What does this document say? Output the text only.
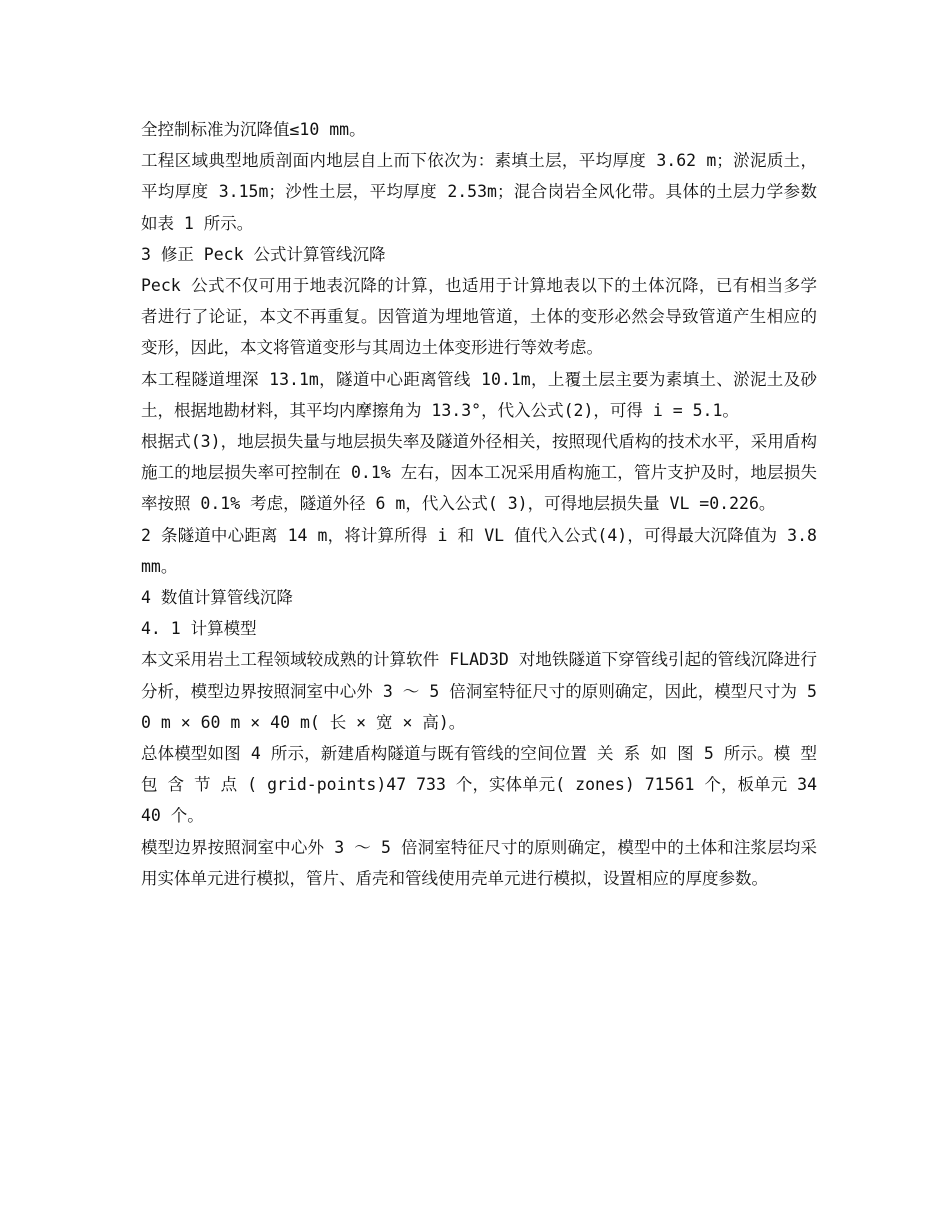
全控制标准为沉降值≤10 mm。

工程区域典型地质剖面内地层自上而下依次为：素填土层，平均厚度 3.62 m；淤泥质土，平均厚度 3.15m；沙性土层，平均厚度 2.53m；混合岗岩全风化带。具体的土层力学参数如表 1 所示。

3 修正 Peck 公式计算管线沉降

Peck 公式不仅可用于地表沉降的计算，也适用于计算地表以下的土体沉降，已有相当多学者进行了论证，本文不再重复。因管道为埋地管道，土体的变形必然会导致管道产生相应的变形，因此，本文将管道变形与其周边土体变形进行等效考虑。

本工程隧道埋深 13.1m，隧道中心距离管线 10.1m，上覆土层主要为素填土、淤泥土及砂土，根据地勘材料，其平均内摩擦角为 13.3°，代入公式(2)，可得 i = 5.1。

根据式(3)，地层损失量与地层损失率及隧道外径相关，按照现代盾构的技术水平，采用盾构施工的地层损失率可控制在 0.1% 左右，因本工况采用盾构施工，管片支护及时，地层损失率按照 0.1% 考虑，隧道外径 6 m，代入公式( 3)，可得地层损失量 VL =0.226。

2 条隧道中心距离 14 m，将计算所得 i 和 VL 值代入公式(4)，可得最大沉降值为 3.8mm。

4 数值计算管线沉降

4. 1 计算模型

本文采用岩土工程领域较成熟的计算软件 FLAD3D 对地铁隧道下穿管线引起的管线沉降进行分析，模型边界按照洞室中心外 3 ～ 5 倍洞室特征尺寸的原则确定，因此，模型尺寸为 50 m × 60 m × 40 m( 长 × 宽 × 高)。

总体模型如图 4 所示，新建盾构隧道与既有管线的空间位置 关 系 如 图 5 所示。模 型 包 含 节 点 ( grid-points)47 733 个，实体单元( zones) 71561 个，板单元 3440 个。

模型边界按照洞室中心外 3 ～ 5 倍洞室特征尺寸的原则确定，模型中的土体和注浆层均采用实体单元进行模拟，管片、盾壳和管线使用壳单元进行模拟，设置相应的厚度参数。
